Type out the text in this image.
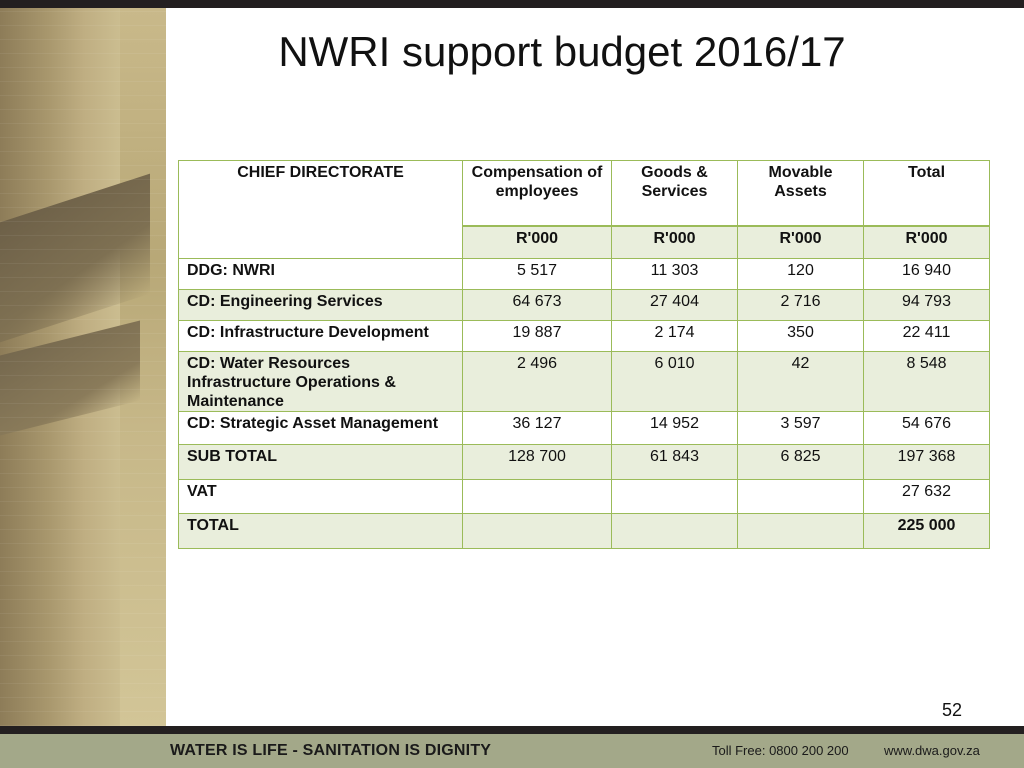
NWRI support budget 2016/17
CHIEF DIRECTORATE	Compensation of employees	Goods & Services	Movable Assets	Total
	R'000	R'000	R'000	R'000
DDG: NWRI	5 517	11 303	120	16 940
CD: Engineering Services	64 673	27 404	2 716	94 793
CD: Infrastructure Development	19 887	2 174	350	22 411
CD: Water Resources Infrastructure Operations & Maintenance	2 496	6 010	42	8 548
CD: Strategic Asset Management	36 127	14 952	3 597	54 676
SUB TOTAL	128 700	61 843	6 825	197 368
VAT				27 632
TOTAL				225 000
52
WATER IS LIFE - SANITATION IS DIGNITY	Toll Free: 0800 200 200	www.dwa.gov.za
